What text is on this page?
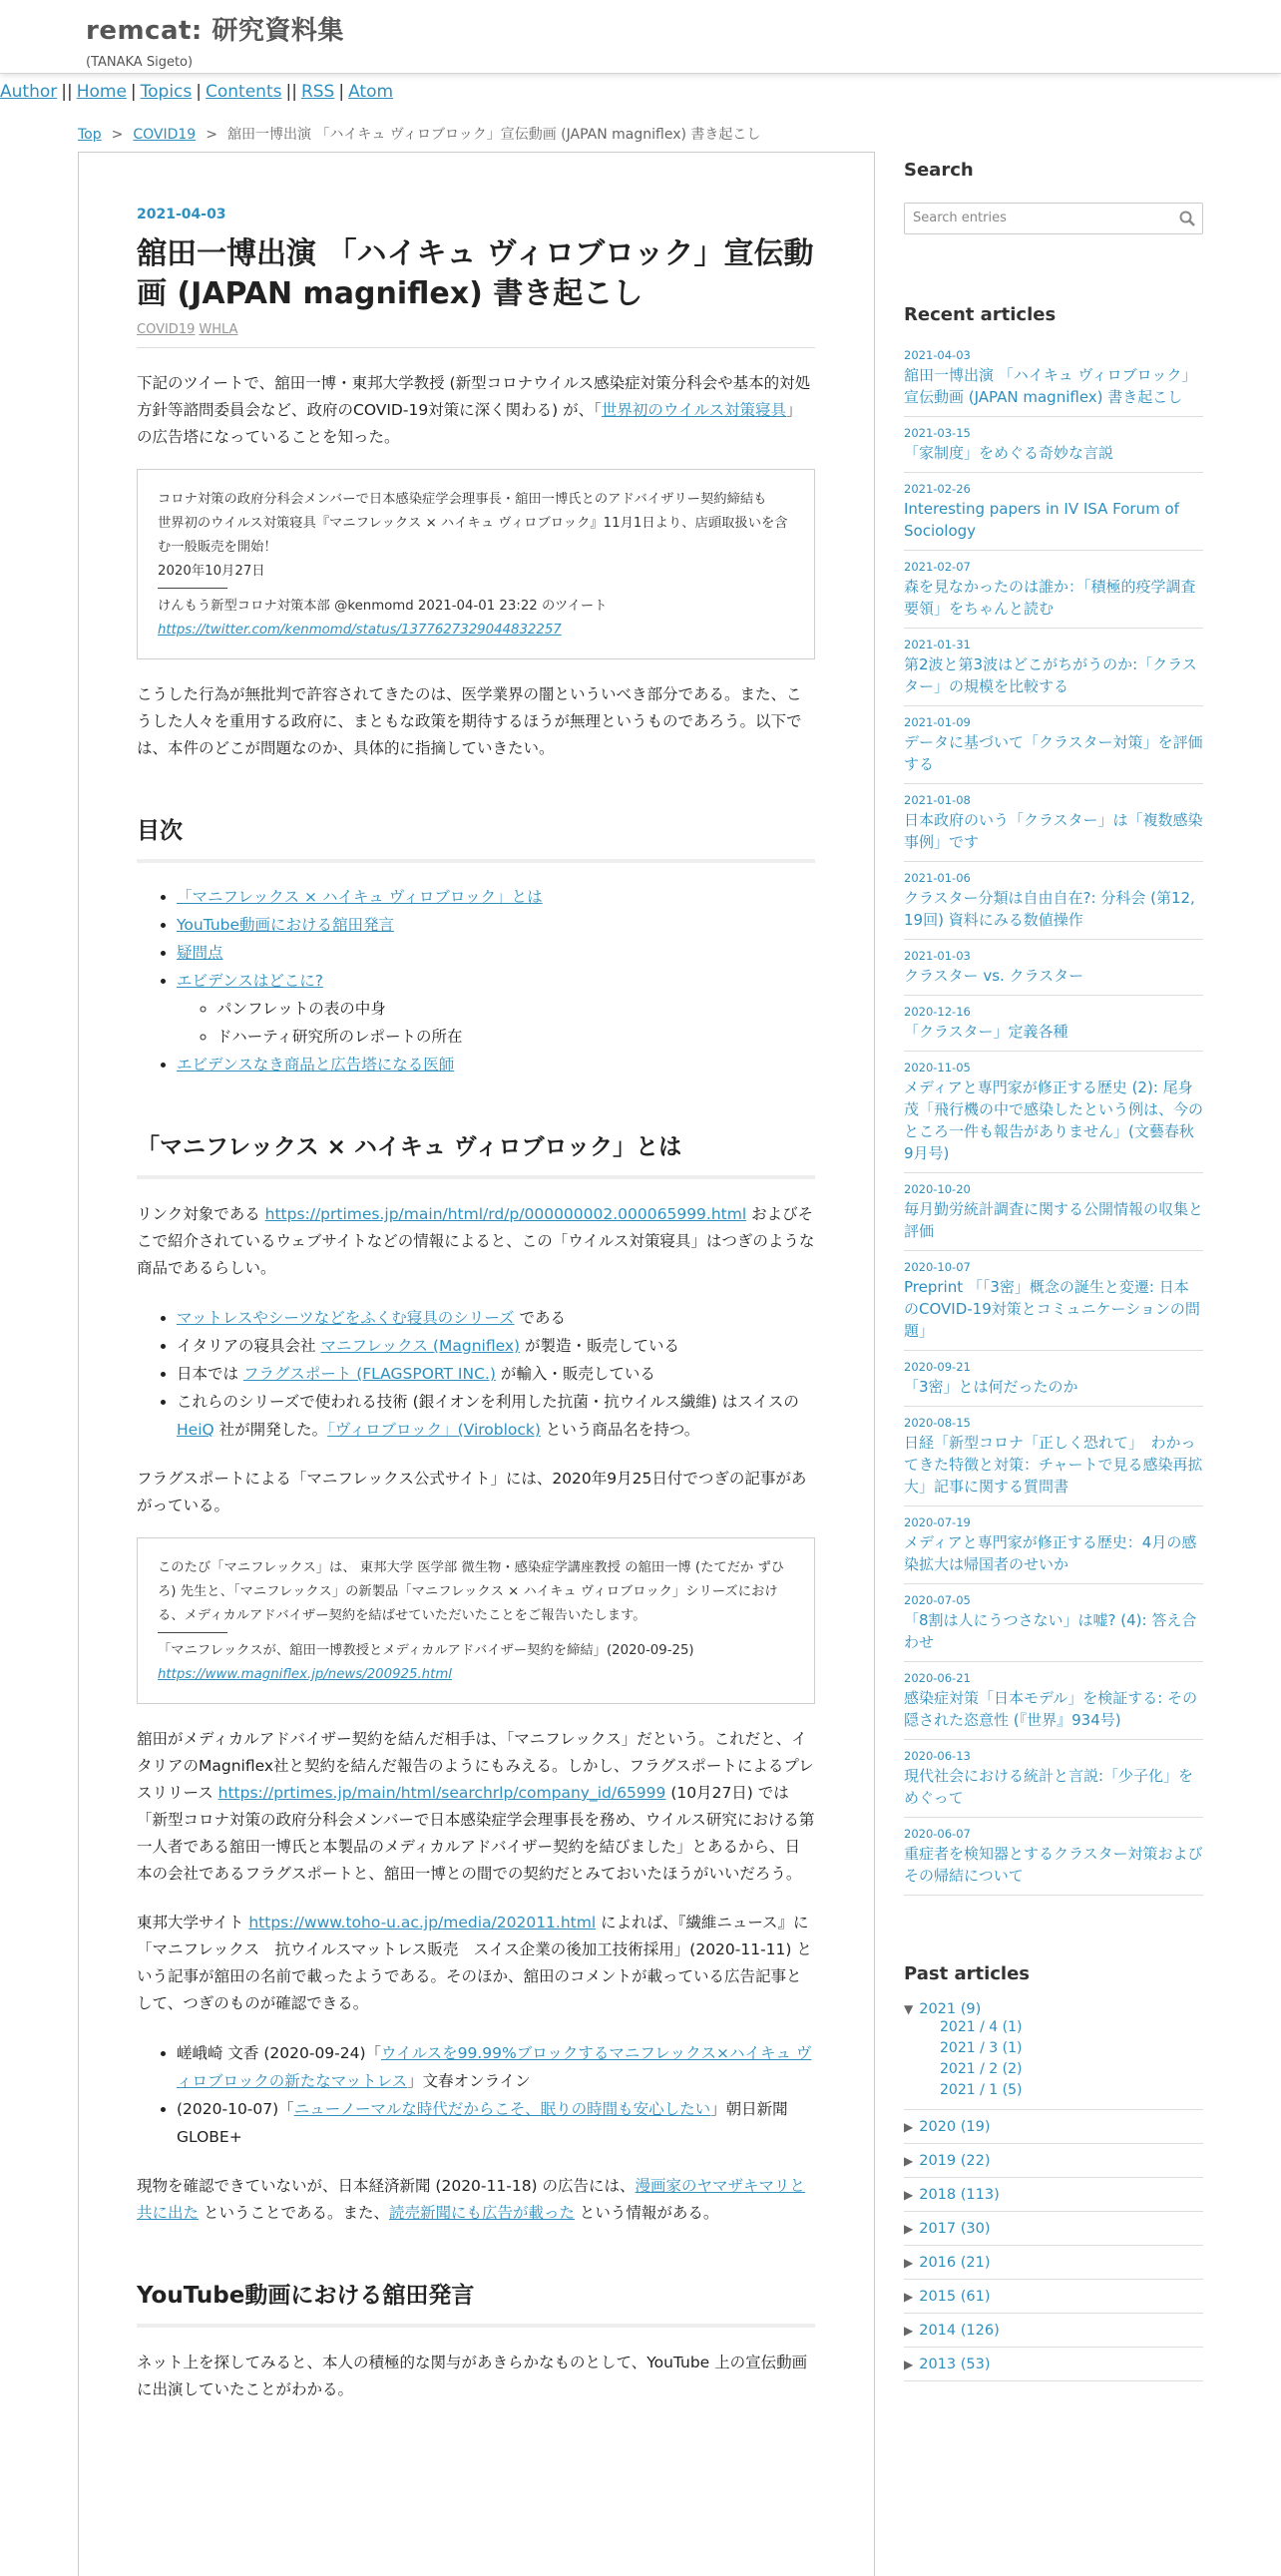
remcat: 研究資料集
(TANAKA Sigeto)
Author || Home | Topics | Contents || RSS | Atom
Top > COVID19 > 舘田一博出演 「ハイキュ ヴィロブロック」宣伝動画 (JAPAN magniflex) 書き起こし
2021-04-03
舘田一博出演 「ハイキュ ヴィロブロック」宣伝動画 (JAPAN magniflex) 書き起こし
COVID19 WHLA

下記のツイートで、舘田一博・東邦大学教授 (新型コロナウイルス感染症対策分科会や基本的対処方針等諮問委員会など、政府のCOVID-19対策に深く関わる) が、「世界初のウイルス対策寝具」の広告塔になっていることを知った。

コロナ対策の政府分科会メンバーで日本感染症学会理事長・舘田一博氏とのアドバイザリー契約締結も
世界初のウイルス対策寝具『マニフレックス × ハイキュ ヴィロブロック』11月1日より、店頭取扱いを含む一般販売を開始！
2020年10月27日
けんもう新型コロナ対策本部 @kenmomd 2021-04-01 23:22 のツイート
https://twitter.com/kenmomd/status/1377627329044832257

こうした行為が無批判で許容されてきたのは、医学業界の闇といういべき部分である。また、こうした人々を重用する政府に、まともな政策を期待するほうが無理というものであろう。以下では、本件のどこが問題なのか、具体的に指摘していきたい。

目次
• 「マニフレックス × ハイキュ ヴィロブロック」とは
• YouTube動画における舘田発言
• 疑問点
• エビデンスはどこに?
◦ パンフレットの表の中身
◦ ドハーティ研究所のレポートの所在
• エビデンスなき商品と広告塔になる医師
「マニフレックス × ハイキュ ヴィロブロック」とは

リンク対象である https://prtimes.jp/main/html/rd/p/000000002.000065999.html およびそこで紹介されているウェブサイトなどの情報によると、この「ウイルス対策寝具」はつぎのような商品であるらしい。

• マットレスやシーツなどをふくむ寝具のシリーズ である
• イタリアの寝具会社 マニフレックス (Magniflex) が製造・販売している
• 日本では フラグスポート (FLAGSPORT INC.) が輸入・販売している
• これらのシリーズで使われる技術 (銀イオンを利用した抗菌・抗ウイルス繊維) はスイスの HeiQ 社が開発した。「ヴィロブロック」(Viroblock) という商品名を持つ。

フラグスポートによる「マニフレックス公式サイト」には、2020年9月25日付でつぎの記事があがっている。

このたび「マニフレックス」は、 東邦大学 医学部 微生物・感染症学講座教授 の舘田一博 (たてだか ずひろ) 先生と、「マニフレックス」の新製品「マニフレックス × ハイキュ ヴィロブロック」シリーズにおける、メディカルアドバイザー契約を結ばせていただいたことをご報告いたします。
「マニフレックスが、舘田一博教授とメディカルアドバイザー契約を締結」(2020-09-25)
https://www.magniflex.jp/news/200925.html

舘田がメディカルアドバイザー契約を結んだ相手は、「マニフレックス」だという。これだと、イタリアのMagniflex社と契約を結んだ報告のようにもみえる。しかし、フラグスポートによるプレスリリース https://prtimes.jp/main/html/searchrlp/company_id/65999 (10月27日) では「新型コロナ対策の政府分科会メンバーで日本感染症学会理事長を務め、ウイルス研究における第一人者である舘田一博氏と本製品のメディカルアドバイザー契約を結びました」とあるから、日本の会社であるフラグスポートと、舘田一博との間での契約だとみておいたほうがいいだろう。

東邦大学サイト https://www.toho-u.ac.jp/media/202011.html によれば、『繊維ニュース』に「マニフレックス　抗ウイルスマットレス販売　スイス企業の後加工技術採用」(2020-11-11) という記事が舘田の名前で載ったようである。そのほか、舘田のコメントが載っている広告記事として、つぎのものが確認できる。

• 嵯峨崎 文香 (2020-09-24)「ウイルスを99.99%ブロックするマニフレックス×ハイキュ ヴィロブロックの新たなマットレス」文春オンライン
• (2020-10-07)「ニューノーマルな時代だからこそ、眠りの時間も安心したい」朝日新聞GLOBE+

現物を確認できていないが、日本経済新聞 (2020-11-18) の広告には、漫画家のヤマザキマリと共に出た ということである。また、読売新聞にも広告が載った という情報がある。

YouTube動画における舘田発言

ネット上を探してみると、本人の積極的な関与があきらかなものとして、YouTube 上の宣伝動画に出演していたことがわかる。

Search
Search entries
Recent articles
2021-04-03
舘田一博出演 「ハイキュ ヴィロブロック」宣伝動画 (JAPAN magniflex) 書き起こし
2021-03-15
「家制度」をめぐる奇妙な言説
2021-02-26
Interesting papers in IV ISA Forum of Sociology
2021-02-07
森を見なかったのは誰か：「積極的疫学調査要領」をちゃんと読む
2021-01-31
第2波と第3波はどこがちがうのか:「クラスター」の規模を比較する
2021-01-09
データに基づいて「クラスター対策」を評価する
2021-01-08
日本政府のいう「クラスター」は「複数感染事例」です
2021-01-06
クラスター分類は自由自在?: 分科会 (第12, 19回) 資料にみる数値操作
2021-01-03
クラスター vs. クラスター
2020-12-16
「クラスター」定義各種
2020-11-05
メディアと専門家が修正する歴史 (2): 尾身茂「飛行機の中で感染したという例は、今のところ一件も報告がありません」(文藝春秋9月号)
2020-10-20
毎月勤労統計調査に関する公開情報の収集と評価
2020-10-07
Preprint 「「3密」概念の誕生と変遷: 日本のCOVID-19対策とコミュニケーションの問題」
2020-09-21
「3密」とは何だったのか
2020-08-15
日経「新型コロナ「正しく恐れて」　わかってきた特徴と対策：チャートで見る感染再拡大」記事に関する質問書
2020-07-19
メディアと専門家が修正する歴史：4月の感染拡大は帰国者のせいか
2020-07-05
「8割は人にうつさない」は嘘? (4): 答え合わせ
2020-06-21
感染症対策「日本モデル」を検証する: その隠された恣意性 (『世界』934号)
2020-06-13
現代社会における統計と言説:「少子化」をめぐって
2020-06-07
重症者を検知器とするクラスター対策およびその帰結について
Past articles
▼ 2021 (9)
2021 / 4 (1)
2021 / 3 (1)
2021 / 2 (2)
2021 / 1 (5)
▶ 2020 (19)
▶ 2019 (22)
▶ 2018 (113)
▶ 2017 (30)
▶ 2016 (21)
▶ 2015 (61)
▶ 2014 (126)
▶ 2013 (53)
